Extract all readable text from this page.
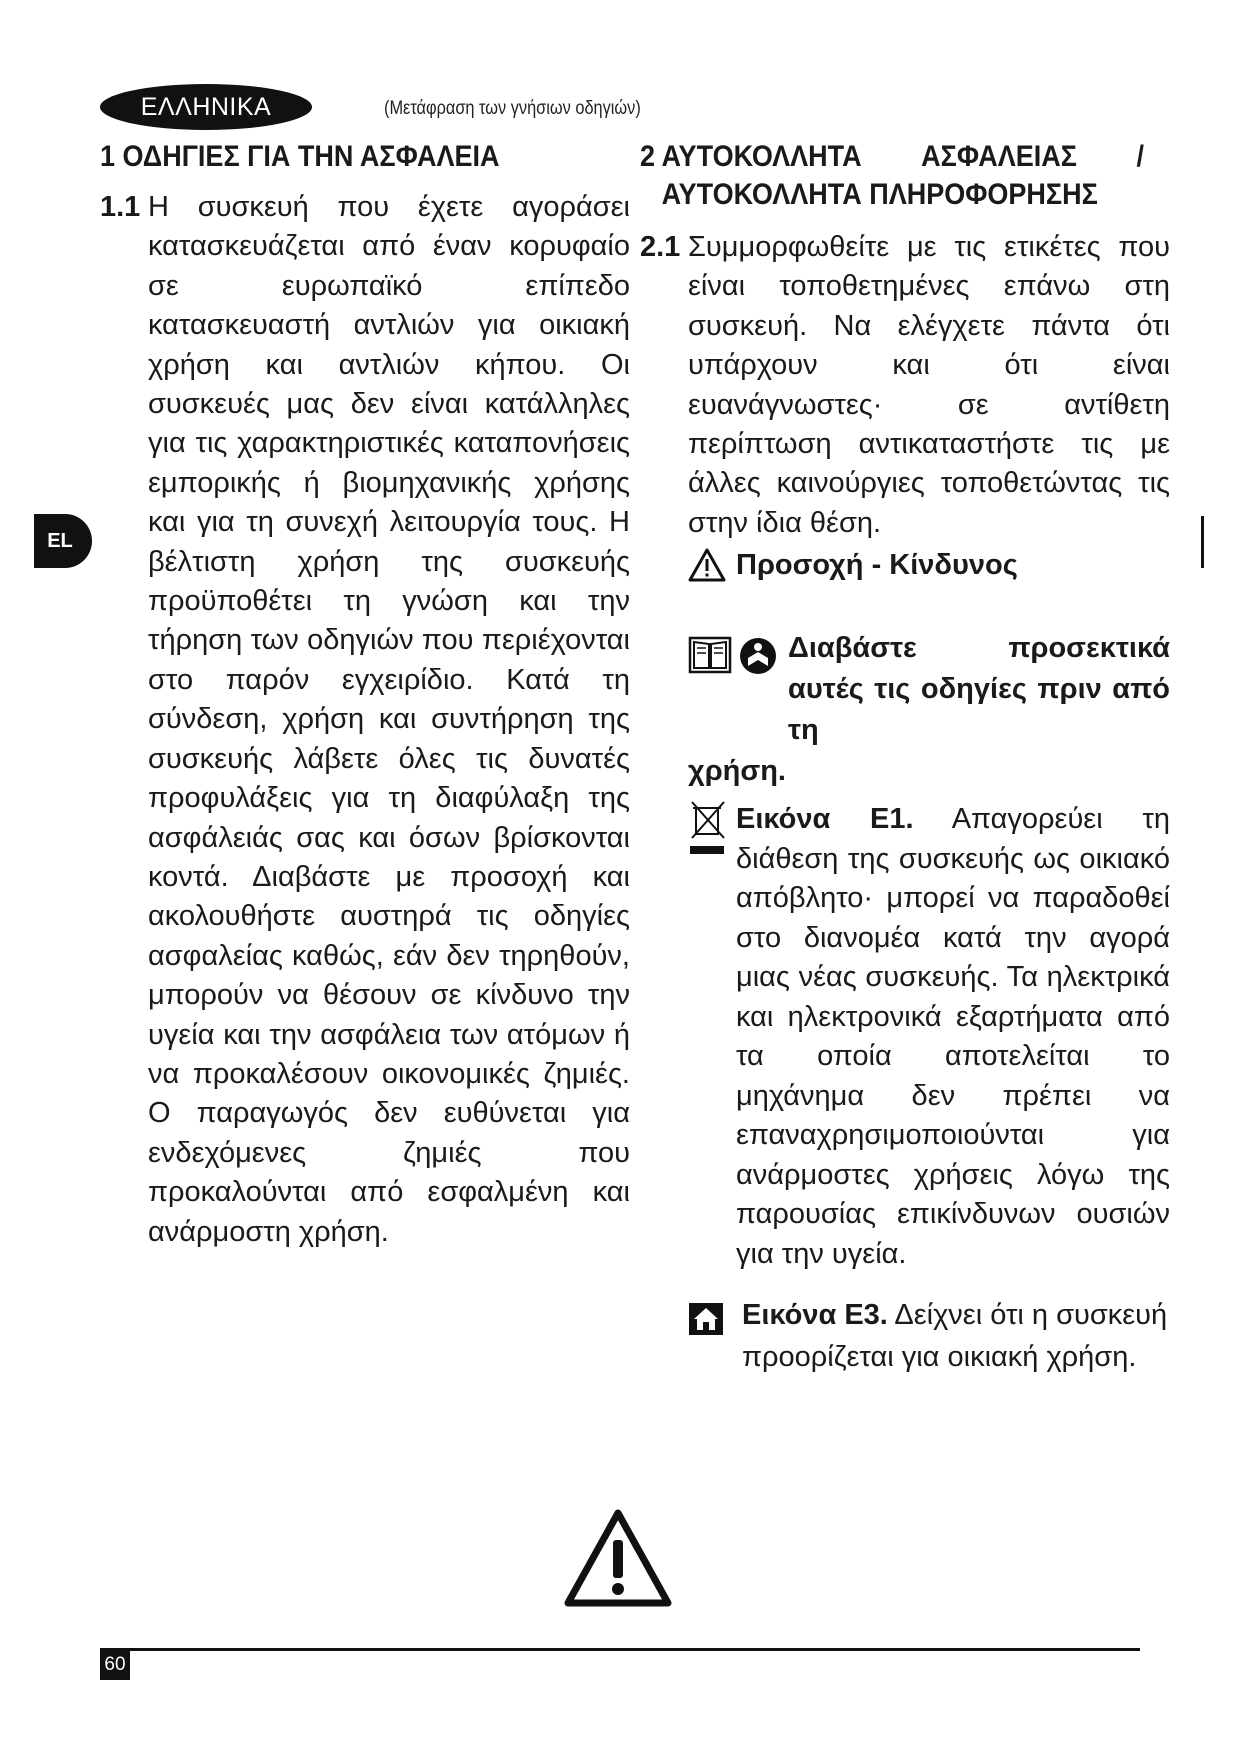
ΕΛΛΗΝΙΚΑ	(Μετάφραση των γνήσιων οδηγιών)
EL
1 ΟΔΗΓΙΕΣ ΓΙΑ ΤΗΝ ΑΣΦΑΛΕΙΑ
1.1 Η συσκευή που έχετε αγοράσει κατασκευάζεται από έναν κορυφαίο σε ευρωπαϊκό επίπεδο κατασκευαστή αντλιών για οικιακή χρήση και αντλιών κήπου. Οι συσκευές μας δεν είναι κατάλληλες για τις χαρακτηριστικές καταπονήσεις εμπορικής ή βιομηχανικής χρήσης και για τη συνεχή λειτουργία τους. Η βέλτιστη χρήση της συσκευής προϋποθέτει τη γνώση και την τήρηση των οδηγιών που περιέχονται στο παρόν εγχειρίδιο. Κατά τη σύνδεση, χρήση και συντήρηση της συσκευής λάβετε όλες τις δυνατές προφυλάξεις για τη διαφύλαξη της ασφάλειάς σας και όσων βρίσκονται κοντά. Διαβάστε με προσοχή και ακολουθήστε αυστηρά τις οδηγίες ασφαλείας καθώς, εάν δεν τηρηθούν, μπορούν να θέσουν σε κίνδυνο την υγεία και την ασφάλεια των ατόμων ή να προκαλέσουν οικονομικές ζημιές. Ο παραγωγός δεν ευθύνεται για ενδεχόμενες ζημιές που προκαλούνται από εσφαλμένη και ανάρμοστη χρήση.
2 ΑΥΤΟΚΟΛΛΗΤΑ ΑΣΦΑΛΕΙΑΣ /
ΑΥΤΟΚΟΛΛΗΤΑ ΠΛΗΡΟΦΟΡΗΣΗΣ
2.1 Συμμορφωθείτε με τις ετικέτες που είναι τοποθετημένες επάνω στη συσκευή. Να ελέγχετε πάντα ότι υπάρχουν και ότι είναι ευανάγνωστες· σε αντίθετη περίπτωση αντικαταστήστε τις με άλλες καινούργιες τοποθετώντας τις στην ίδια θέση.
Προσοχή - Κίνδυνος
Διαβάστε προσεκτικά αυτές τις οδηγίες πριν από τη
χρήση.
Εικόνα Ε1. Απαγορεύει τη διάθεση της συσκευής ως οικιακό απόβλητο· μπορεί να παραδοθεί στο διανομέα κατά την αγορά μιας νέας συσκευής. Τα ηλεκτρικά και ηλεκτρονικά εξαρτήματα από τα οποία αποτελείται το μηχάνημα δεν πρέπει να επαναχρησιμοποιούνται για ανάρμοστες χρήσεις λόγω της παρουσίας επικίνδυνων ουσιών για την υγεία.
Εικόνα Ε3. Δείχνει ότι η συσκευή προορίζεται για οικιακή χρήση.
60
